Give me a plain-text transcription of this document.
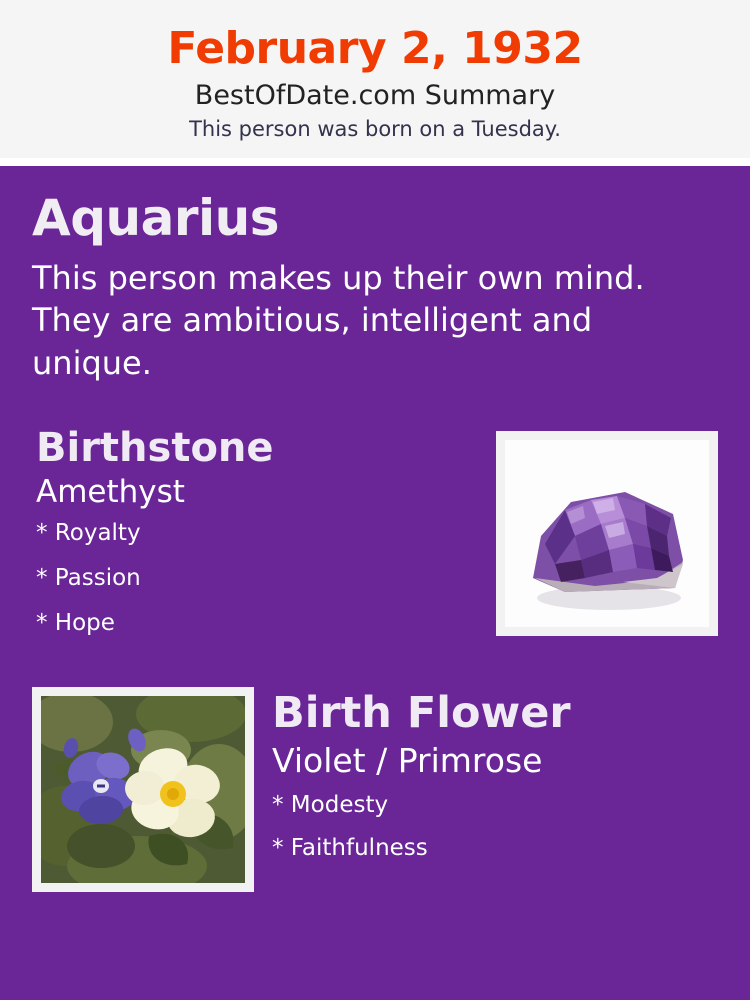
February 2, 1932
BestOfDate.com Summary
This person was born on a Tuesday.
Aquarius
This person makes up their own mind. They are ambitious, intelligent and unique.
Birthstone
Amethyst
* Royalty
* Passion
* Hope
Birth Flower
Violet / Primrose
* Modesty
* Faithfulness
